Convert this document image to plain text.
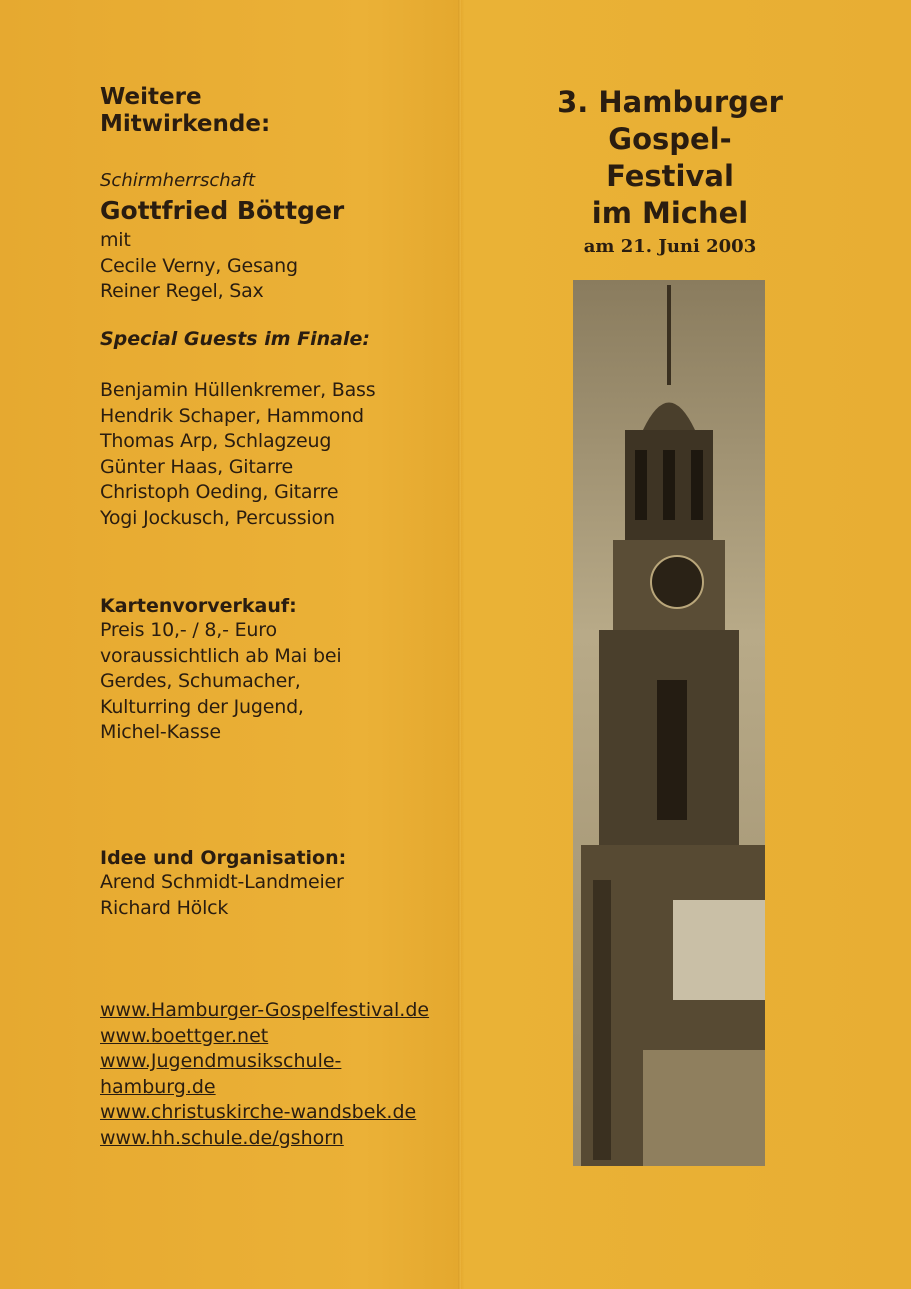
Weitere
Mitwirkende:
Schirmherrschaft
Gottfried Böttger
mit
Cecile Verny, Gesang
Reiner Regel, Sax
Special Guests im Finale:
Benjamin Hüllenkremer, Bass
Hendrik Schaper, Hammond
Thomas Arp, Schlagzeug
Günter Haas, Gitarre
Christoph Oeding, Gitarre
Yogi Jockusch, Percussion
Kartenvorverkauf:
Preis 10,- / 8,- Euro
voraussichtlich ab Mai bei
Gerdes, Schumacher,
Kulturring der Jugend,
Michel-Kasse
Idee und Organisation:
Arend Schmidt-Landmeier
Richard Hölck
www.Hamburger-Gospelfestival.de
www.boettger.net
www.Jugendmusikschule-
hamburg.de
www.christuskirche-wandsbek.de
www.hh.schule.de/gshorn
3. Hamburger
Gospel-
Festival
im Michel
am 21. Juni 2003
